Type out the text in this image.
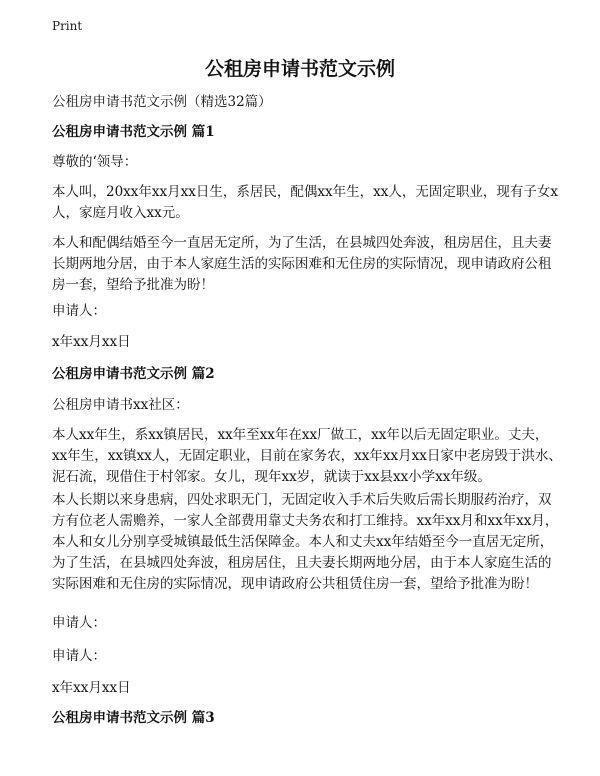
Print
公租房申请书范文示例

公租房申请书范文示例（精选32篇）

公租房申请书范文示例 篇1

尊敬的‘领导：

本人叫，20xx年xx月xx日生，系居民，配偶xx年生，xx人，无固定职业，现有子女x人，家庭月收入xx元。

本人和配偶结婚至今一直居无定所，为了生活，在县城四处奔波，租房居住，且夫妻长期两地分居，由于本人家庭生活的实际困难和无住房的实际情况，现申请政府公租房一套，望给予批准为盼！

申请人：

x年xx月xx日

公租房申请书范文示例 篇2

公租房申请书xx社区：

本人xx年生，系xx镇居民，xx年至xx年在xx厂做工，xx年以后无固定职业。丈夫，xx年生，xx镇xx人，无固定职业，目前在家务农，xx年xx月xx日家中老房毁于洪水、泥石流，现借住于村邻家。女儿，现年xx岁，就读于xx县xx小学xx年级。

本人长期以来身患病，四处求职无门，无固定收入手术后失败后需长期服药治疗，双方有位老人需赡养，一家人全部费用靠丈夫务农和打工维持。xx年xx月和xx年xx月，本人和女儿分别享受城镇最低生活保障金。本人和丈夫xx年结婚至今一直居无定所，为了生活，在县城四处奔波，租房居住，且夫妻长期两地分居，由于本人家庭生活的实际困难和无住房的实际情况，现申请政府公共租赁住房一套，望给予批准为盼！

申请人：

申请人：

x年xx月xx日

公租房申请书范文示例 篇3
